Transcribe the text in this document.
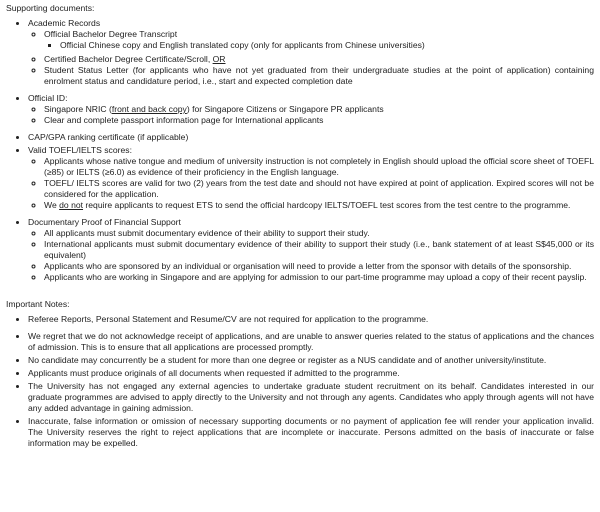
Supporting documents:
• Academic Records
◦ Official Bachelor Degree Transcript
▪ Official Chinese copy and English translated copy (only for applicants from Chinese universities)
◦ Certified Bachelor Degree Certificate/Scroll, OR
◦ Student Status Letter (for applicants who have not yet graduated from their undergraduate studies at the point of application) containing enrolment status and candidature period, i.e., start and expected completion date
• Official ID:
◦ Singapore NRIC (front and back copy) for Singapore Citizens or Singapore PR applicants
◦ Clear and complete passport information page for International applicants
• CAP/GPA ranking certificate (if applicable)
• Valid TOEFL/IELTS scores:
◦ Applicants whose native tongue and medium of university instruction is not completely in English should upload the official score sheet of TOEFL (≥85) or IELTS (≥6.0) as evidence of their proficiency in the English language.
◦ TOEFL/ IELTS scores are valid for two (2) years from the test date and should not have expired at point of application. Expired scores will not be considered for the application.
◦ We do not require applicants to request ETS to send the official hardcopy IELTS/TOEFL test scores from the test centre to the programme.
• Documentary Proof of Financial Support
◦ All applicants must submit documentary evidence of their ability to support their study.
◦ International applicants must submit documentary evidence of their ability to support their study (i.e., bank statement of at least S$45,000 or its equivalent)
◦ Applicants who are sponsored by an individual or organisation will need to provide a letter from the sponsor with details of the sponsorship.
◦ Applicants who are working in Singapore and are applying for admission to our part-time programme may upload a copy of their recent payslip.
Important Notes:
• Referee Reports, Personal Statement and Resume/CV are not required for application to the programme.
• We regret that we do not acknowledge receipt of applications, and are unable to answer queries related to the status of applications and the chances of admission. This is to ensure that all applications are processed promptly.
• No candidate may concurrently be a student for more than one degree or register as a NUS candidate and of another university/institute.
• Applicants must produce originals of all documents when requested if admitted to the programme.
• The University has not engaged any external agencies to undertake graduate student recruitment on its behalf. Candidates interested in our graduate programmes are advised to apply directly to the University and not through any agents. Candidates who apply through agents will not have any added advantage in gaining admission.
• Inaccurate, false information or omission of necessary supporting documents or no payment of application fee will render your application invalid. The University reserves the right to reject applications that are incomplete or inaccurate. Persons admitted on the basis of inaccurate or false information may be expelled.
